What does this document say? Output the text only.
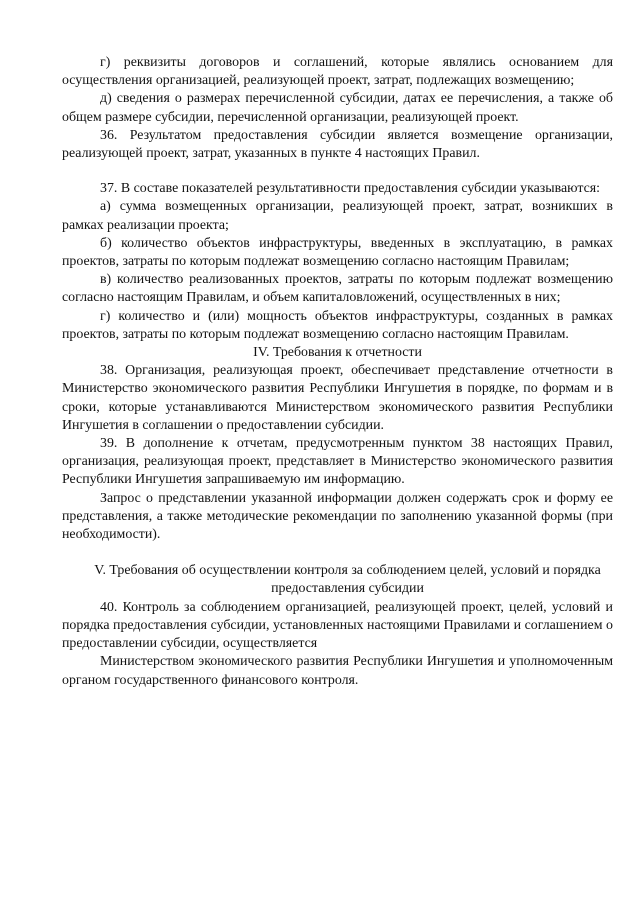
г) реквизиты договоров и соглашений, которые являлись основанием для осуществления организацией, реализующей проект, затрат, подлежащих возмещению;

д) сведения о размерах перечисленной субсидии, датах ее перечисления, а также об общем размере субсидии, перечисленной организации, реализующей проект.

36. Результатом предоставления субсидии является возмещение организации, реализующей проект, затрат, указанных в пункте 4 настоящих Правил.

37. В составе показателей результативности предоставления субсидии указываются:

а) сумма возмещенных организации, реализующей проект, затрат, возникших в рамках реализации проекта;

б) количество объектов инфраструктуры, введенных в эксплуатацию, в рамках проектов, затраты по которым подлежат возмещению согласно настоящим Правилам;

в) количество реализованных проектов, затраты по которым подлежат возмещению согласно настоящим Правилам, и объем капиталовложений, осуществленных в них;

г) количество и (или) мощность объектов инфраструктуры, созданных в рамках проектов, затраты по которым подлежат возмещению согласно настоящим Правилам.

IV. Требования к отчетности

38. Организация, реализующая проект, обеспечивает представление отчетности в Министерство экономического развития Республики Ингушетия в порядке, по формам и в сроки, которые устанавливаются Министерством экономического развития Республики Ингушетия в соглашении о предоставлении субсидии.

39. В дополнение к отчетам, предусмотренным пунктом 38 настоящих Правил, организация, реализующая проект, представляет в Министерство экономического развития Республики Ингушетия запрашиваемую им информацию.

Запрос о представлении указанной информации должен содержать срок и форму ее представления, а также методические рекомендации по заполнению указанной формы (при необходимости).

V. Требования об осуществлении контроля за соблюдением целей, условий и порядка предоставления субсидии

40. Контроль за соблюдением организацией, реализующей проект, целей, условий и порядка предоставления субсидии, установленных настоящими Правилами и соглашением о предоставлении субсидии, осуществляется

Министерством экономического развития Республики Ингушетия и уполномоченным органом государственного финансового контроля.
